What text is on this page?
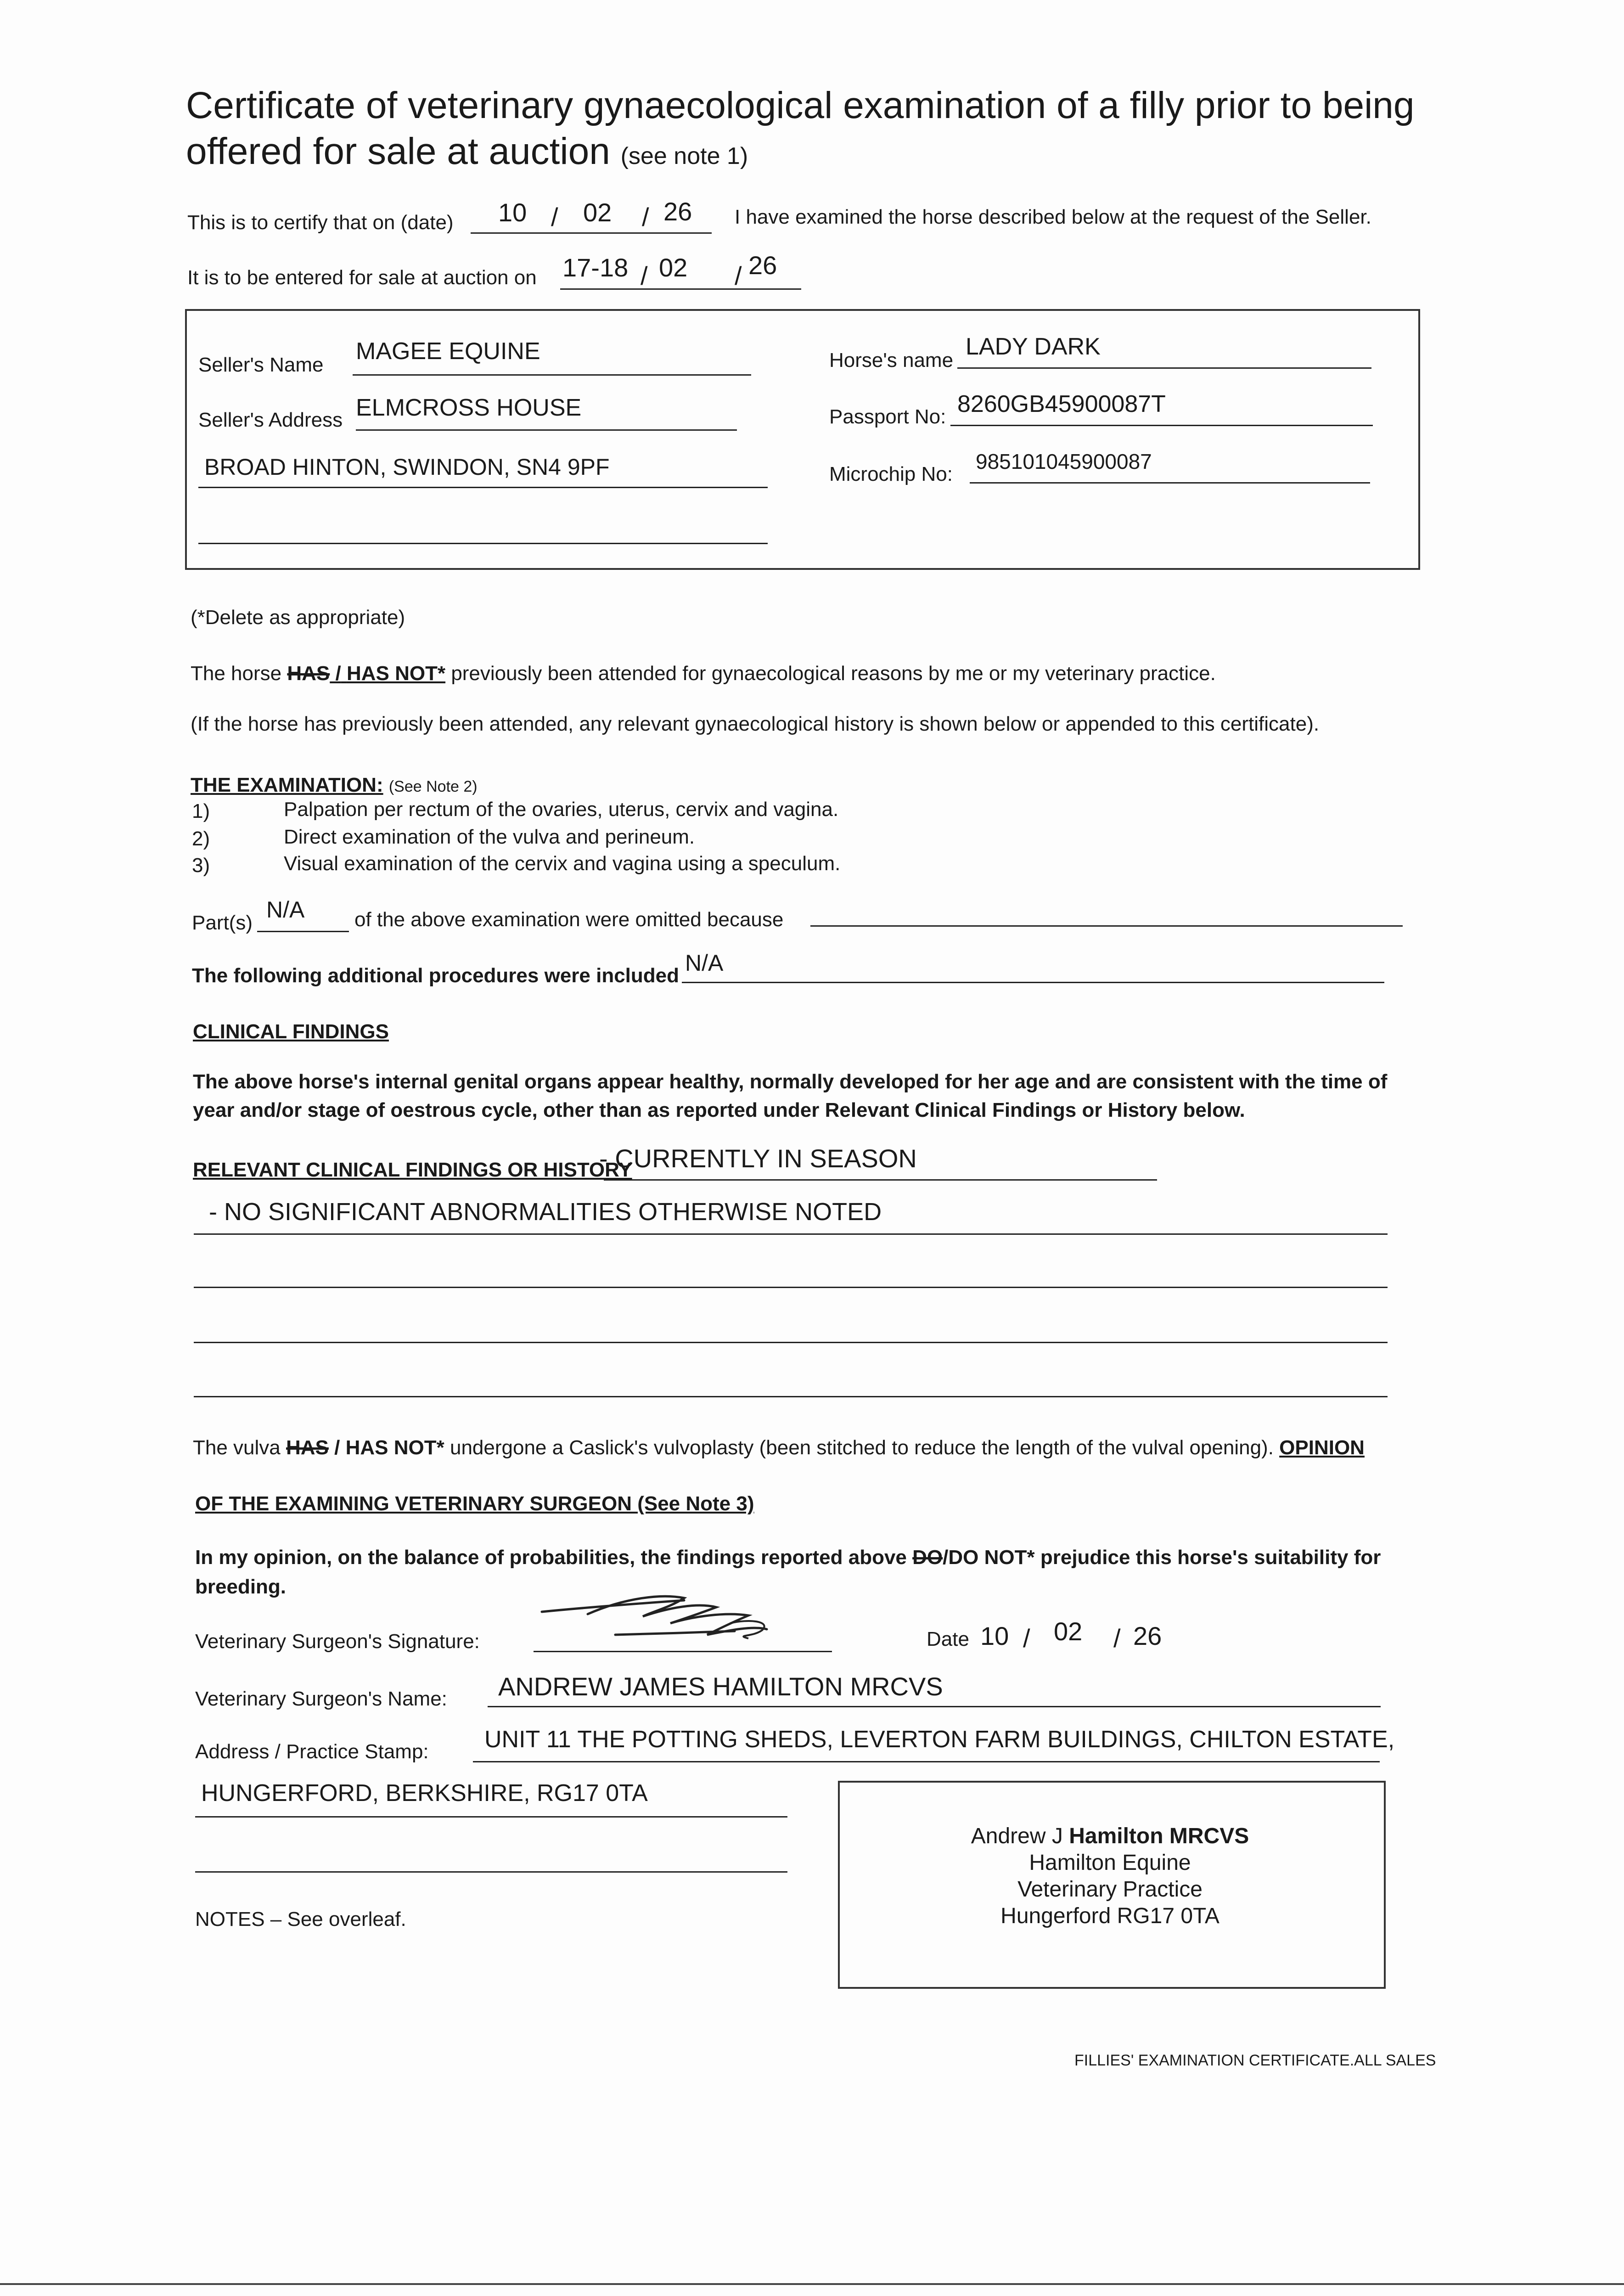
Certificate of veterinary gynaecological examination of a filly prior to being offered for sale at auction (see note 1)
This is to certify that on (date) 10 / 02 / 26 I have examined the horse described below at the request of the Seller.
It is to be entered for sale at auction on 17-18 / 02 / 26
Seller's Name
MAGEE EQUINE
Seller's Address ELMCROSS HOUSE
BROAD HINTON, SWINDON, SN4 9PF
Horse's name
LADY DARK
Passport No: 8260GB45900087T
Microchip No:
985101045900087
(*Delete as appropriate)
The horse HAS / HAS NOT* previously been attended for gynaecological reasons by me or my veterinary practice.
(If the horse has previously been attended, any relevant gynaecological history is shown below or appended to this certificate).
THE EXAMINATION: (See Note 2)
1)	Palpation per rectum of the ovaries, uterus, cervix and vagina.
2)	Direct examination of the vulva and perineum.
3)	Visual examination of the cervix and vagina using a speculum.
Part(s)
N/A of the above examination were omitted because
The following additional procedures were included N/A
CLINICAL FINDINGS
The above horse's internal genital organs appear healthy, normally developed for her age and are consistent with the time of year and/or stage of oestrous cycle, other than as reported under Relevant Clinical Findings or History below.
RELEVANT CLINICAL FINDINGS OR HISTORY
- CURRENTLY IN SEASON
- NO SIGNIFICANT ABNORMALITIES OTHERWISE NOTED
The vulva HAS / HAS NOT* undergone a Caslick's vulvoplasty (been stitched to reduce the length of the vulval opening). OPINION
OF THE EXAMINING VETERINARY SURGEON (See Note 3)
In my opinion, on the balance of probabilities, the findings reported above DO/DO NOT* prejudice this horse's suitability for breeding.
Veterinary Surgeon's Signature:	Date 10 / 02 / 26
Veterinary Surgeon's Name: ANDREW JAMES HAMILTON MRCVS
Address / Practice Stamp: UNIT 11 THE POTTING SHEDS, LEVERTON FARM BUILDINGS, CHILTON ESTATE,
HUNGERFORD, BERKSHIRE, RG17 0TA
Andrew J Hamilton MRCVS
Hamilton Equine
Veterinary Practice
Hungerford RG17 0TA
NOTES – See overleaf.
FILLIES' EXAMINATION CERTIFICATE.ALL SALES
